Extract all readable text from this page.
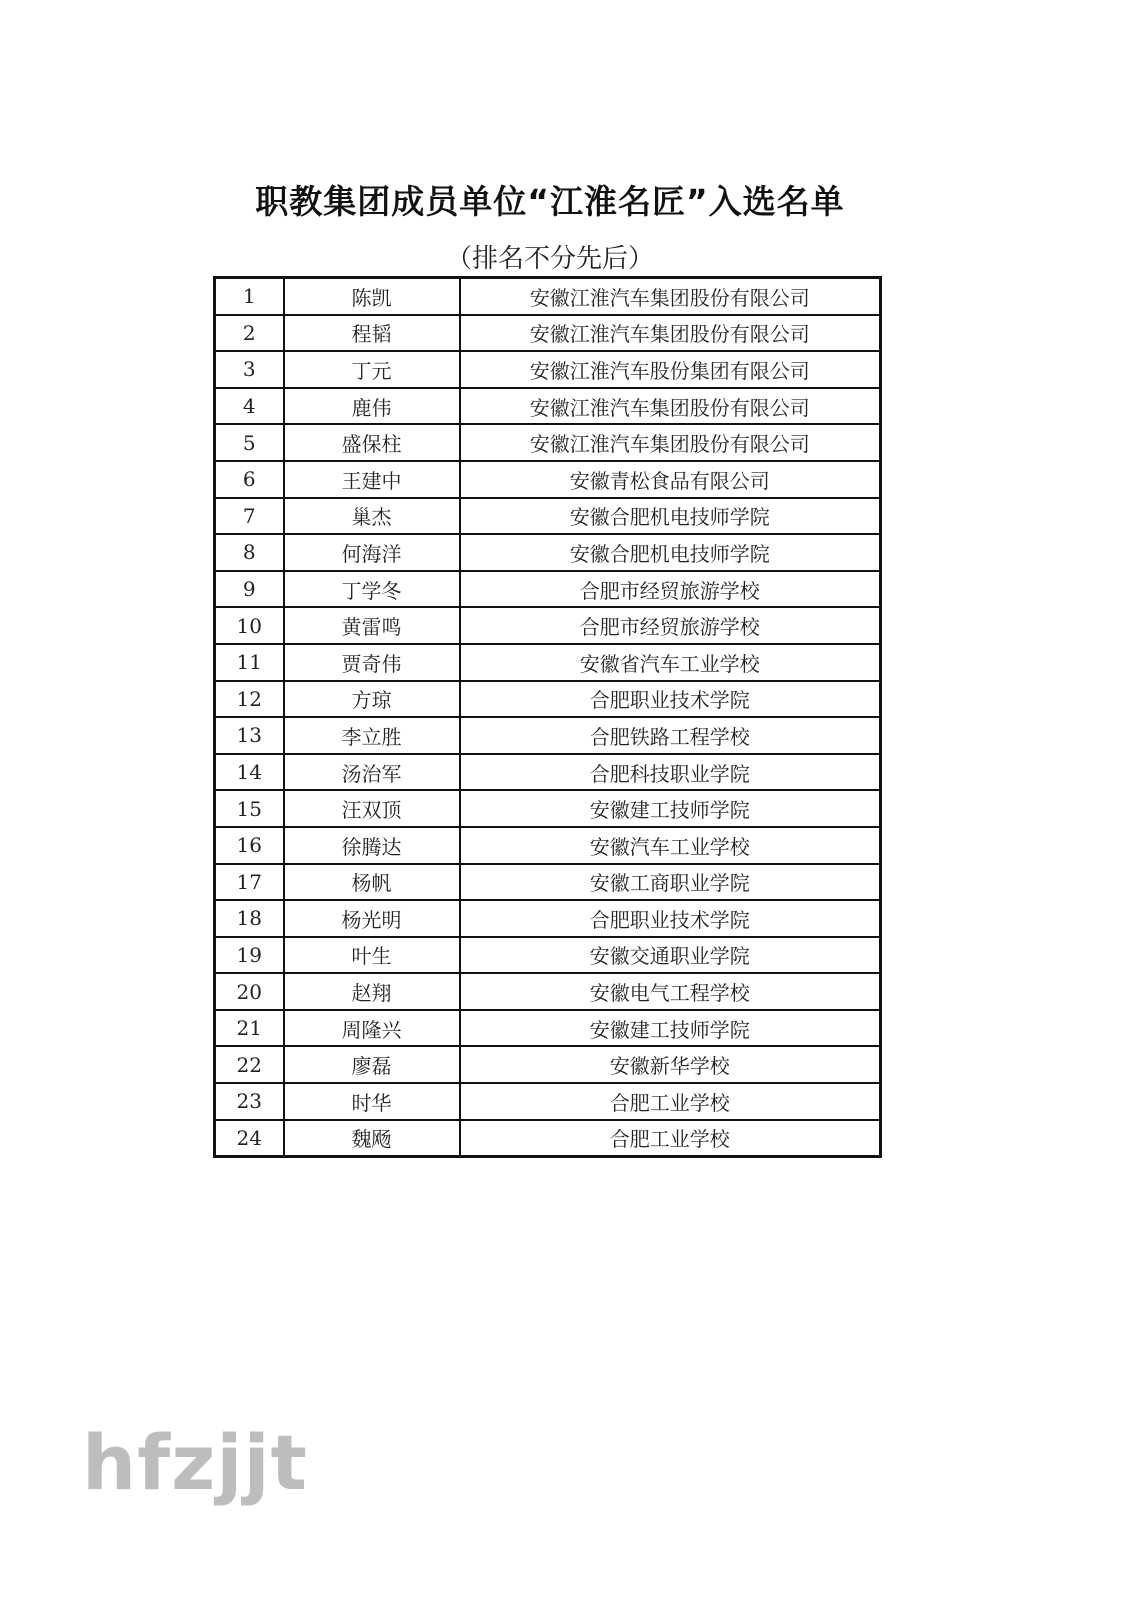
职教集团成员单位“江淮名匠”入选名单
（排名不分先后）
1	陈凯	安徽江淮汽车集团股份有限公司
2	程韬	安徽江淮汽车集团股份有限公司
3	丁元	安徽江淮汽车股份集团有限公司
4	鹿伟	安徽江淮汽车集团股份有限公司
5	盛保柱	安徽江淮汽车集团股份有限公司
6	王建中	安徽青松食品有限公司
7	巢杰	安徽合肥机电技师学院
8	何海洋	安徽合肥机电技师学院
9	丁学冬	合肥市经贸旅游学校
10	黄雷鸣	合肥市经贸旅游学校
11	贾奇伟	安徽省汽车工业学校
12	方琼	合肥职业技术学院
13	李立胜	合肥铁路工程学校
14	汤治军	合肥科技职业学院
15	汪双顶	安徽建工技师学院
16	徐腾达	安徽汽车工业学校
17	杨帆	安徽工商职业学院
18	杨光明	合肥职业技术学院
19	叶生	安徽交通职业学院
20	赵翔	安徽电气工程学校
21	周隆兴	安徽建工技师学院
22	廖磊	安徽新华学校
23	时华	合肥工业学校
24	魏飏	合肥工业学校
hfzjjt
